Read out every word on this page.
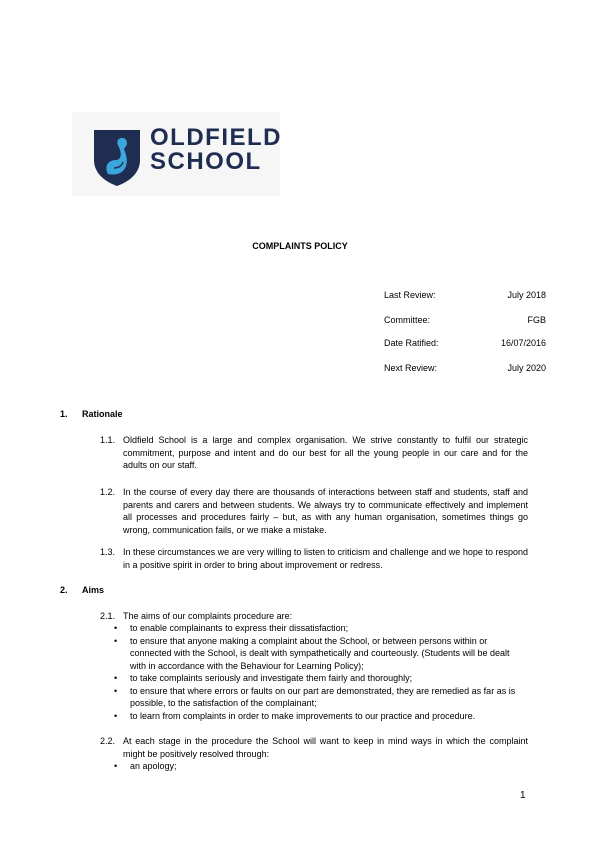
OLDFIELD
SCHOOL
COMPLAINTS POLICY
Last Review:	July 2018
Committee:	FGB
Date Ratified:	16/07/2016
Next Review:	July 2020
1. Rationale
1.1. Oldfield School is a large and complex organisation. We strive constantly to fulfil our strategic commitment, purpose and intent and do our best for all the young people in our care and for the adults on our staff.
1.2. In the course of every day there are thousands of interactions between staff and students, staff and parents and carers and between students. We always try to communicate effectively and implement all processes and procedures fairly – but, as with any human organisation, sometimes things go wrong, communication fails, or we make a mistake.
1.3. In these circumstances we are very willing to listen to criticism and challenge and we hope to respond in a positive spirit in order to bring about improvement or redress.
2. Aims
2.1. The aims of our complaints procedure are:
• to enable complainants to express their dissatisfaction;
• to ensure that anyone making a complaint about the School, or between persons within or connected with the School, is dealt with sympathetically and courteously. (Students will be dealt with in accordance with the Behaviour for Learning Policy);
• to take complaints seriously and investigate them fairly and thoroughly;
• to ensure that where errors or faults on our part are demonstrated, they are remedied as far as is possible, to the satisfaction of the complainant;
• to learn from complaints in order to make improvements to our practice and procedure.
2.2. At each stage in the procedure the School will want to keep in mind ways in which the complaint might be positively resolved through:
• an apology;
1
